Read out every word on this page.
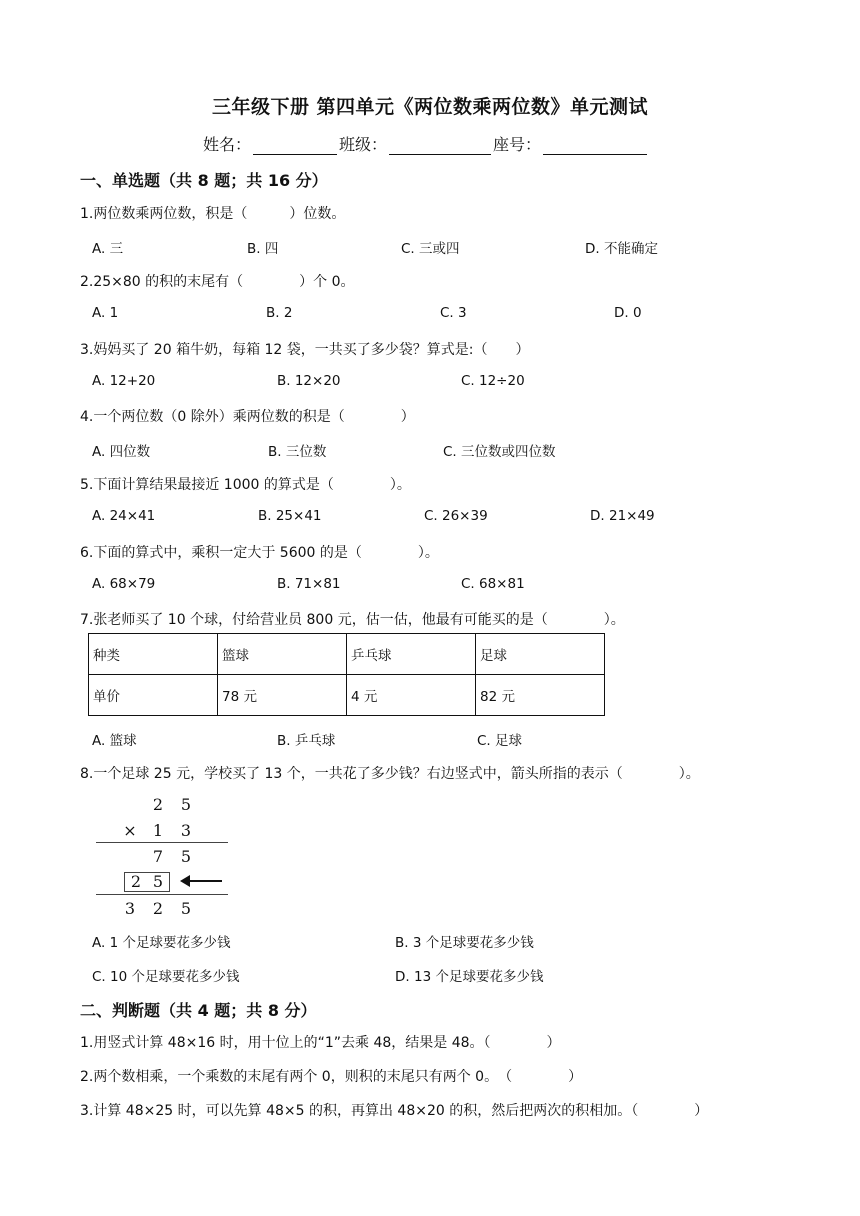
三年级下册 第四单元《两位数乘两位数》单元测试
姓名：	班级：	座号：
一、单选题（共 8 题；共 16 分）
1.两位数乘两位数，积是（　　　）位数。
A. 三	B. 四	C. 三或四	D. 不能确定
2.25×80 的积的末尾有（　　　　）个 0。
A. 1	B. 2	C. 3	D. 0
3.妈妈买了 20 箱牛奶，每箱 12 袋，一共买了多少袋？算式是:（　　）
A. 12+20	B. 12×20	C. 12÷20
4.一个两位数（0 除外）乘两位数的积是（　　　　）
A. 四位数	B. 三位数	C. 三位数或四位数
5.下面计算结果最接近 1000 的算式是（　　　　）。
A. 24×41	B. 25×41	C. 26×39	D. 21×49
6.下面的算式中，乘积一定大于 5600 的是（　　　　）。
A. 68×79	B. 71×81	C. 68×81
7.张老师买了 10 个球，付给营业员 800 元，估一估，他最有可能买的是（　　　　）。
种类	篮球	乒乓球	足球
单价	78 元	4 元	82 元
A. 篮球	B. 乒乓球	C. 足球
8.一个足球 25 元，学校买了 13 个，一共花了多少钱？右边竖式中，箭头所指的表示（　　　　）。
2 5
× 1 3
7 5
2 5
3 2 5
A. 1 个足球要花多少钱	B. 3 个足球要花多少钱
C. 10 个足球要花多少钱	D. 13 个足球要花多少钱
二、判断题（共 4 题；共 8 分）
1.用竖式计算 48×16 时，用十位上的“1”去乘 48，结果是 48。（　　　　）
2.两个数相乘，一个乘数的末尾有两个 0，则积的末尾只有两个 0。　（　　　　）
3.计算 48×25 时，可以先算 48×5 的积，再算出 48×20 的积，然后把两次的积相加。（　　　　）
